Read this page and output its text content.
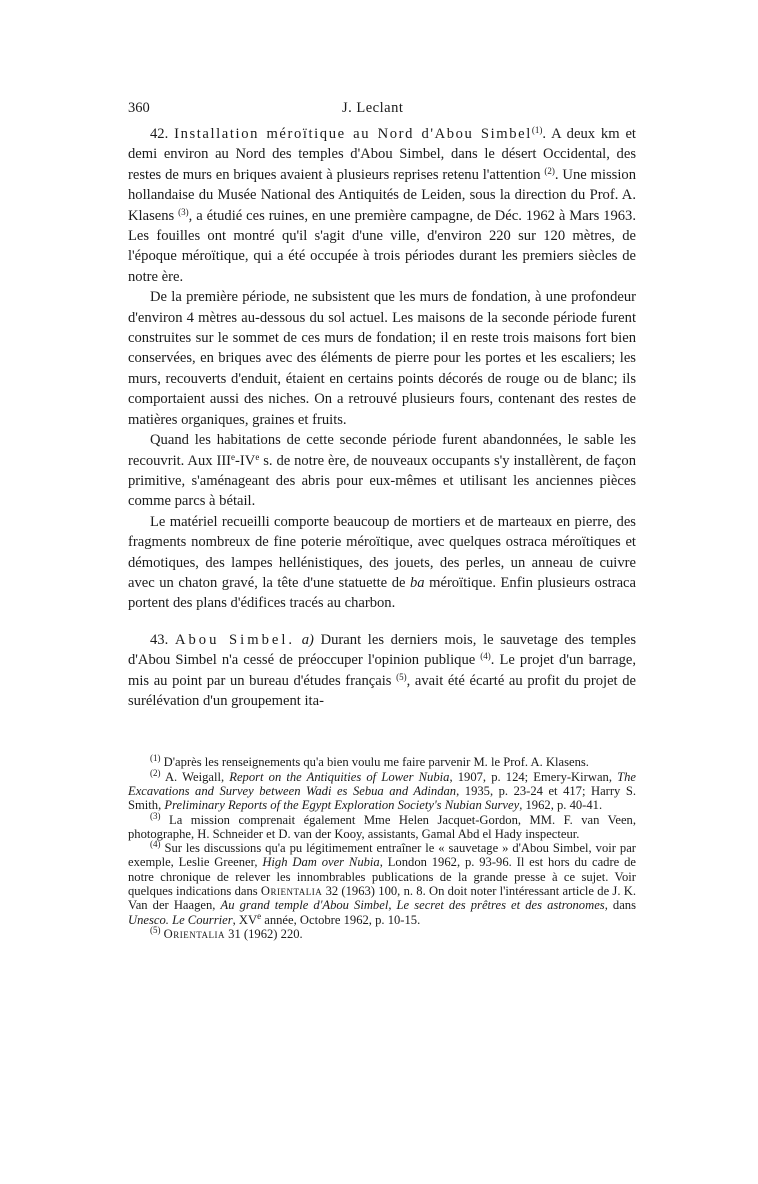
360	J. Leclant

42. Installation méroïtique au Nord d'Abou Simbel$^{(1)}$. A deux km et demi environ au Nord des temples d'Abou Simbel, dans le désert Occidental, des restes de murs en briques avaient à plusieurs reprises retenu l'attention $^{(2)}$. Une mission hollandaise du Musée National des Antiquités de Leiden, sous la direction du Prof. A. Klasens $^{(3)}$, a étudié ces ruines, en une première campagne, de Déc. 1962 à Mars 1963. Les fouilles ont montré qu'il s'agit d'une ville, d'environ 220 sur 120 mètres, de l'époque méroïtique, qui a été occupée à trois périodes durant les premiers siècles de notre ère.

De la première période, ne subsistent que les murs de fondation, à une profondeur d'environ 4 mètres au-dessous du sol actuel. Les maisons de la seconde période furent construites sur le sommet de ces murs de fondation; il en reste trois maisons fort bien conservées, en briques avec des éléments de pierre pour les portes et les escaliers; les murs, recouverts d'enduit, étaient en certains points décorés de rouge ou de blanc; ils comportaient aussi des niches. On a retrouvé plusieurs fours, contenant des restes de matières organiques, graines et fruits.

Quand les habitations de cette seconde période furent abandonnées, le sable les recouvrit. Aux IIIe-IVe s. de notre ère, de nouveaux occupants s'y installèrent, de façon primitive, s'aménageant des abris pour eux-mêmes et utilisant les anciennes pièces comme parcs à bétail.

Le matériel recueilli comporte beaucoup de mortiers et de marteaux en pierre, des fragments nombreux de fine poterie méroïtique, avec quelques ostraca méroïtiques et démotiques, des lampes hellénistiques, des jouets, des perles, un anneau de cuivre avec un chaton gravé, la tête d'une statuette de ba méroïtique. Enfin plusieurs ostraca portent des plans d'édifices tracés au charbon.

43. Abou Simbel. a) Durant les derniers mois, le sauvetage des temples d'Abou Simbel n'a cessé de préoccuper l'opinion publique $^{(4)}$. Le projet d'un barrage, mis au point par un bureau d'études français $^{(5)}$, avait été écarté au profit du projet de surélévation d'un groupement ita-

$^{(1)}$ D'après les renseignements qu'a bien voulu me faire parvenir M. le Prof. A. Klasens.

$^{(2)}$ A. Weigall, Report on the Antiquities of Lower Nubia, 1907, p. 124; Emery-Kirwan, The Excavations and Survey between Wadi es Sebua and Adindan, 1935, p. 23-24 et 417; Harry S. Smith, Preliminary Reports of the Egypt Exploration Society's Nubian Survey, 1962, p. 40-41.

$^{(3)}$ La mission comprenait également Mme Helen Jacquet-Gordon, MM. F. van Veen, photographe, H. Schneider et D. van der Kooy, assistants, Gamal Abd el Hady inspecteur.

$^{(4)}$ Sur les discussions qu'a pu légitimement entraîner le « sauvetage » d'Abou Simbel, voir par exemple, Leslie Greener, High Dam over Nubia, London 1962, p. 93-96. Il est hors du cadre de notre chronique de relever les innombrables publications de la grande presse à ce sujet. Voir quelques indications dans Orientalia 32 (1963) 100, n. 8. On doit noter l'intéressant article de J. K. Van der Haagen, Au grand temple d'Abou Simbel, Le secret des prêtres et des astronomes, dans Unesco. Le Courrier, XVe année, Octobre 1962, p. 10-15.

$^{(5)}$ Orientalia 31 (1962) 220.
